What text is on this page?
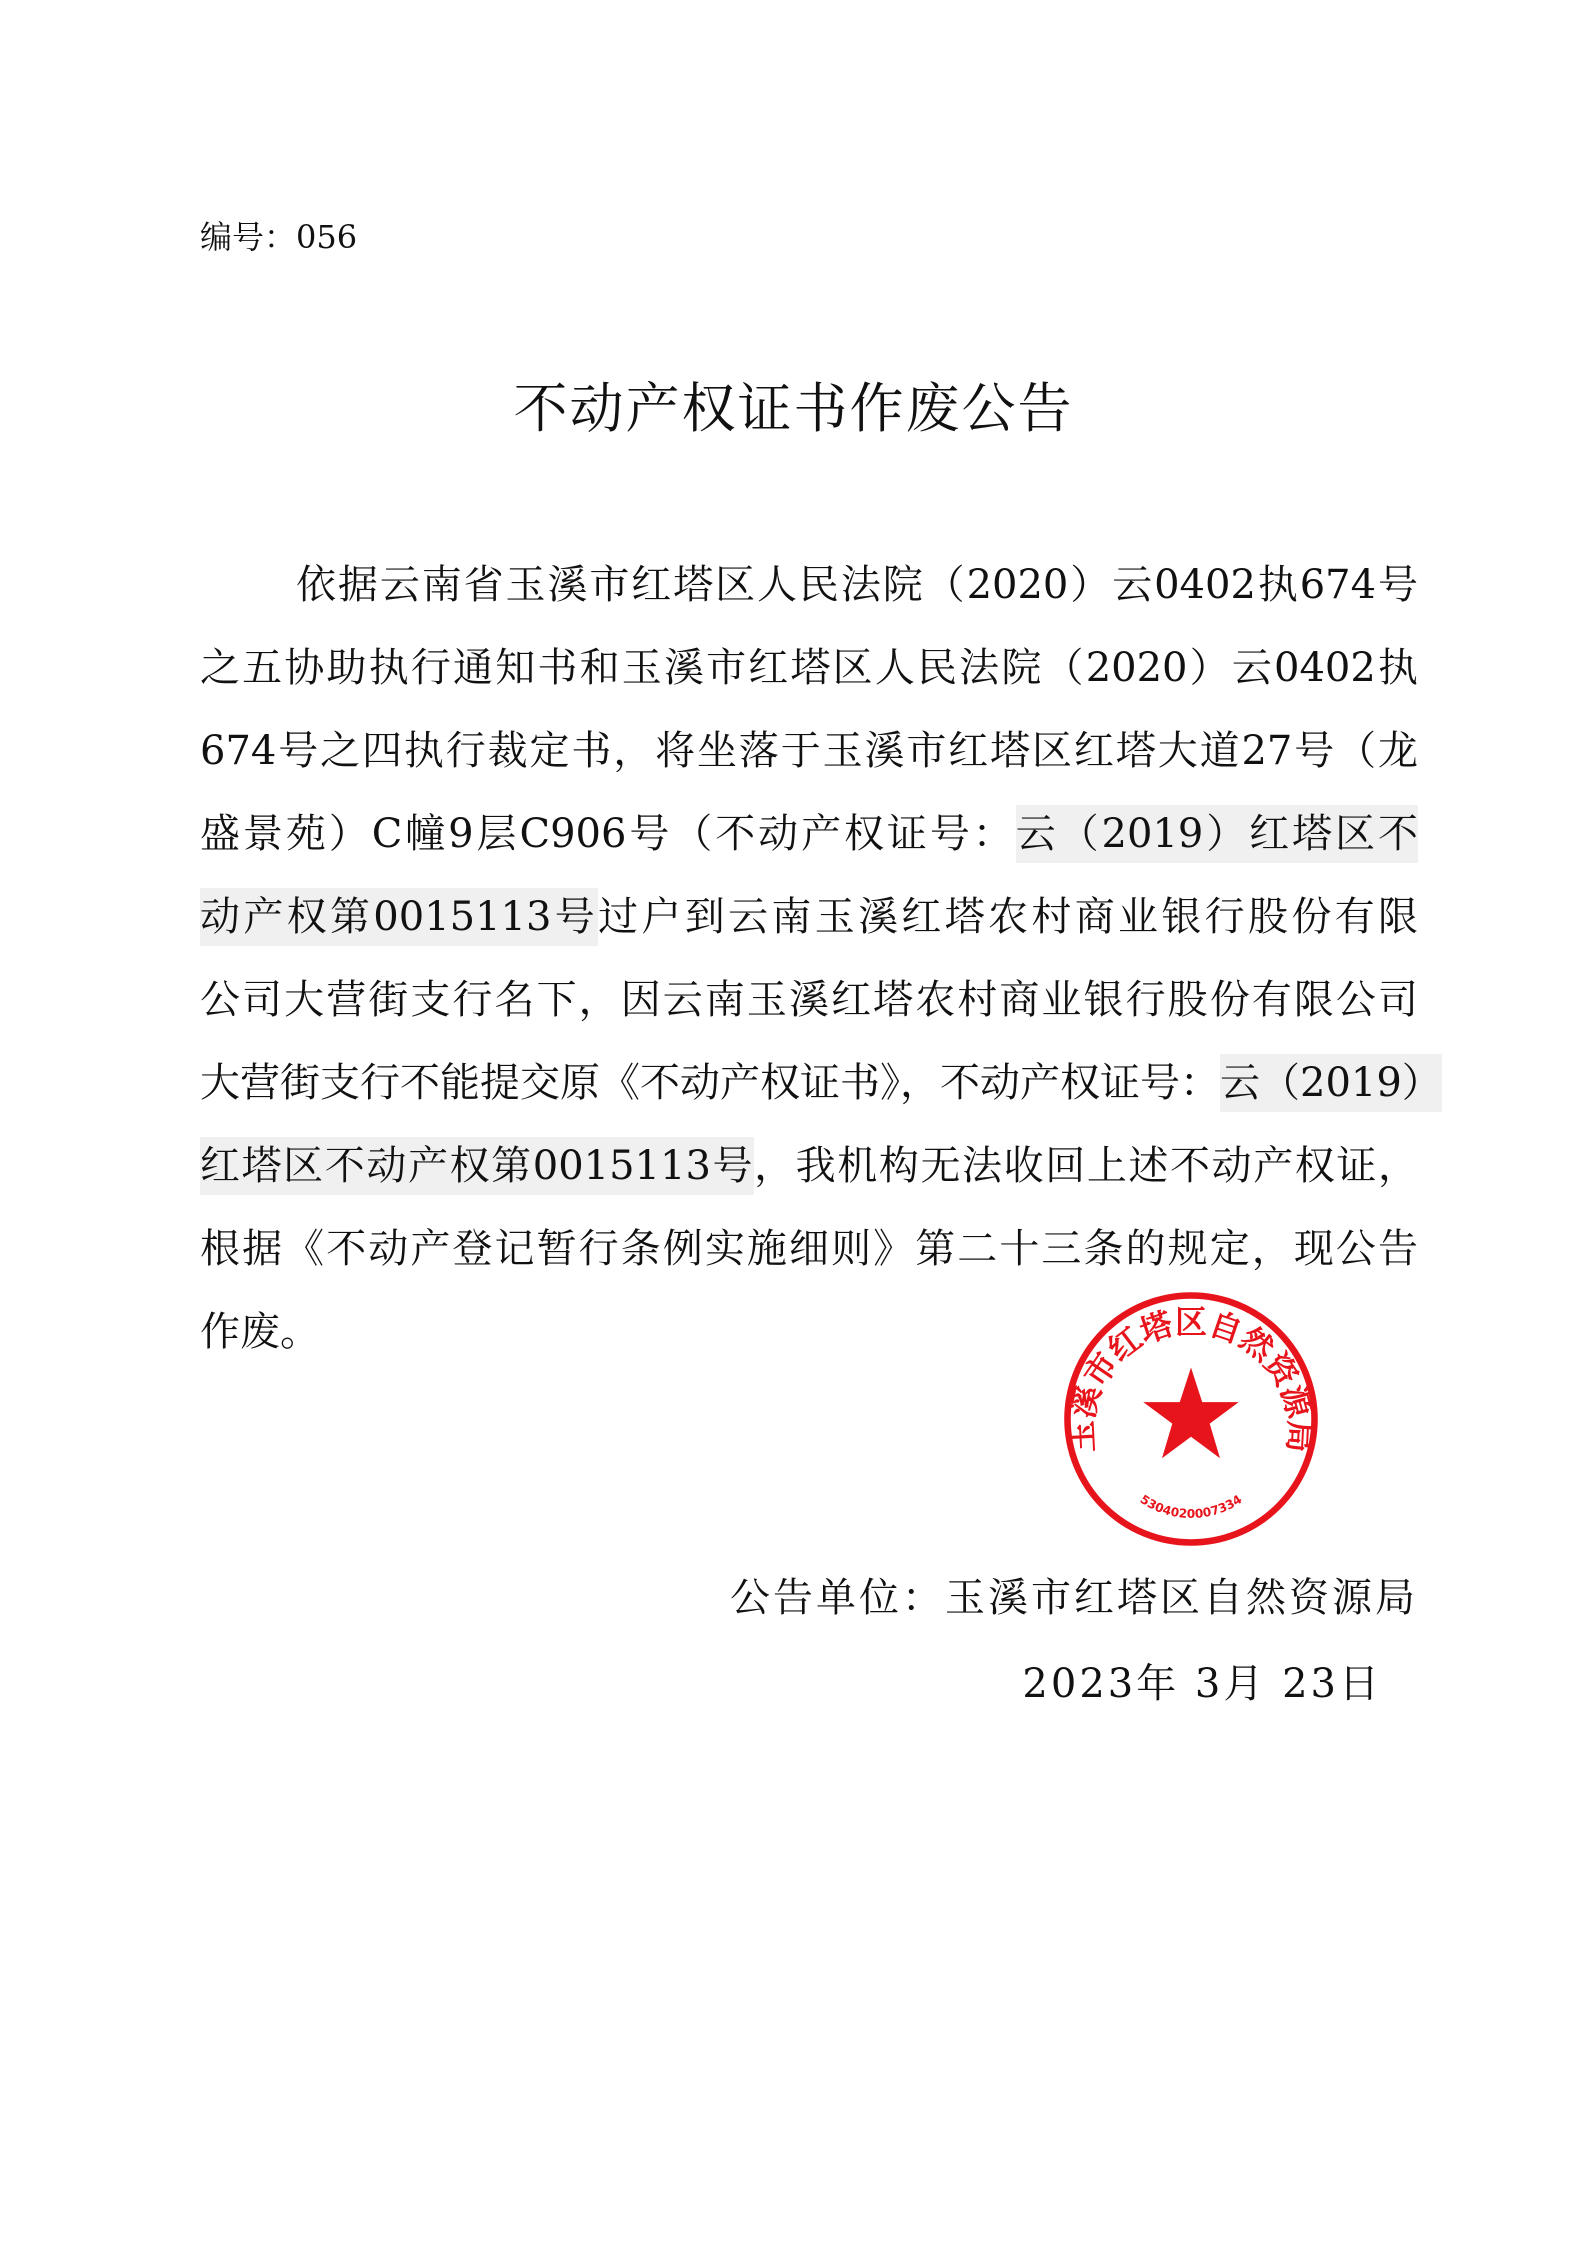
编号：056
不动产权证书作废公告
依据云南省玉溪市红塔区人民法院（2020）云0402执674号
之五协助执行通知书和玉溪市红塔区人民法院（2020）云0402执
674号之四执行裁定书，将坐落于玉溪市红塔区红塔大道27号（龙
盛景苑）C幢9层C906号（不动产权证号：云（2019）红塔区不
动产权第0015113号过户到云南玉溪红塔农村商业银行股份有限
公司大营街支行名下，因云南玉溪红塔农村商业银行股份有限公司
大营街支行不能提交原《不动产权证书》，不动产权证号：云（2019）
红塔区不动产权第0015113号，我机构无法收回上述不动产权证，
根据《不动产登记暂行条例实施细则》第二十三条的规定，现公告
作废。
玉溪市红塔区自然资源局
5304020007334
公告单位：玉溪市红塔区自然资源局
2023年 3月 23日
